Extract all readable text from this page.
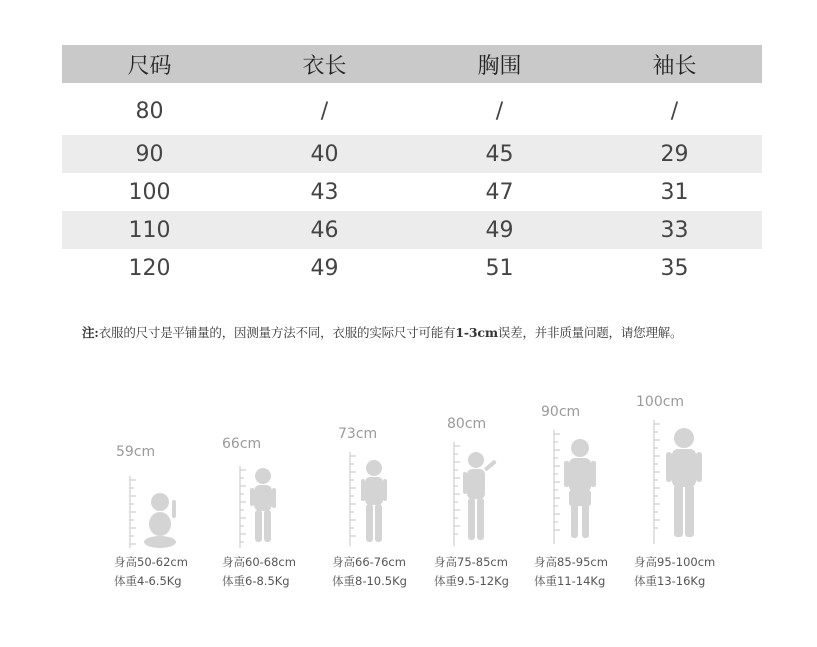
尺码	衣长	胸围	袖长
80	/	/	/
90	40	45	29
100	43	47	31
110	46	49	33
120	49	51	35
注:衣服的尺寸是平铺量的，因测量方法不同，衣服的实际尺寸可能有1-3cm误差，并非质量问题，请您理解。
59cm
身高50-62cm
体重4-6.5Kg
66cm
身高60-68cm
体重6-8.5Kg
73cm
身高66-76cm
体重8-10.5Kg
80cm
身高75-85cm
体重9.5-12Kg
90cm
身高85-95cm
体重11-14Kg
100cm
身高95-100cm
体重13-16Kg
